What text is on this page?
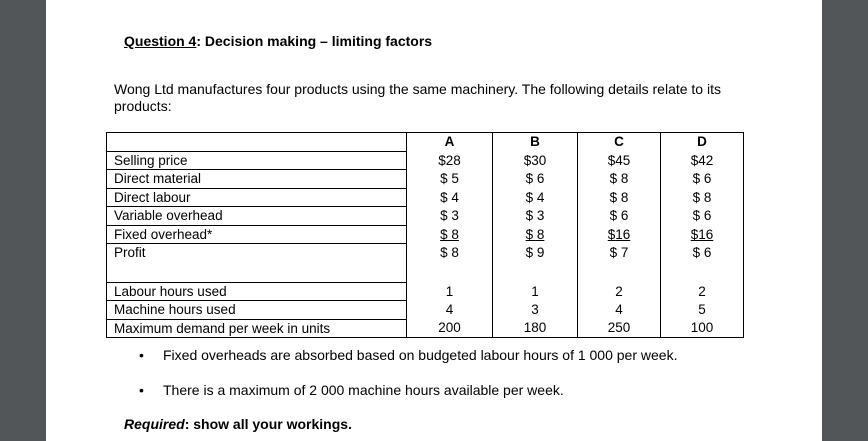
Question 4: Decision making – limiting factors
Wong Ltd manufactures four products using the same machinery. The following details relate to its products:
	A	B	C	D
Selling price	$28	$30	$45	$42
Direct material	$ 5	$ 6	$ 8	$ 6
Direct labour	$ 4	$ 4	$ 8	$ 8
Variable overhead	$ 3	$ 3	$ 6	$ 6
Fixed overhead*	$ 8	$ 8	$16	$16
Profit	$ 8	$ 9	$ 7	$ 6

Labour hours used	1	1	2	2
Machine hours used	4	3	4	5
Maximum demand per week in units	200	180	250	100
• Fixed overheads are absorbed based on budgeted labour hours of 1 000 per week.
• There is a maximum of 2 000 machine hours available per week.
Required: show all your workings.
